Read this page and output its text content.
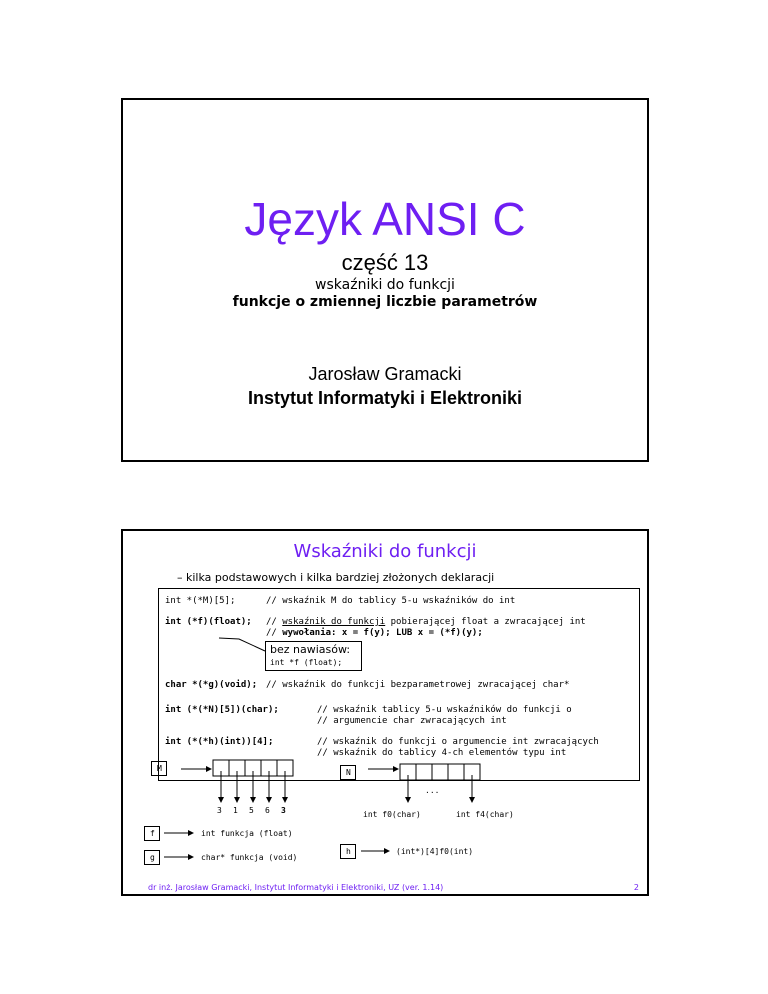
Język ANSI C
część 13
wskaźniki do funkcji
funkcje o zmiennej liczbie parametrów
Jarosław Gramacki
Instytut Informatyki i Elektroniki
Wskaźniki do funkcji
– kilka podstawowych i kilka bardziej złożonych deklaracji
int *(*M)[5];	// wskaźnik M do tablicy 5-u wskaźników do int
int (*f)(float); // wskaźnik do funkcji pobierającej float a zwracającej int
// wywołania: x = f(y); LUB x = (*f)(y);
bez nawiasów:
int *f (float);
char *(*g)(void); // wskaźnik do funkcji bezparametrowej zwracającej char*
int (*(*N)[5])(char);	// wskaźnik tablicy 5-u wskaźników do funkcji o
// argumencie char zwracających int
int (*(*h)(int))[4];	// wskaźnik do funkcji o argumencie int zwracających
// wskaźnik do tablicy 4-ch elementów typu int
M
3 1 5 6 3
N
...
int f0(char)	int f4(char)
f	int funkcja (float)
g	char* funkcja (void)
h	(int*)[4]f0(int)
dr inż. Jarosław Gramacki, Instytut Informatyki i Elektroniki, UZ (ver. 1.14)	2
